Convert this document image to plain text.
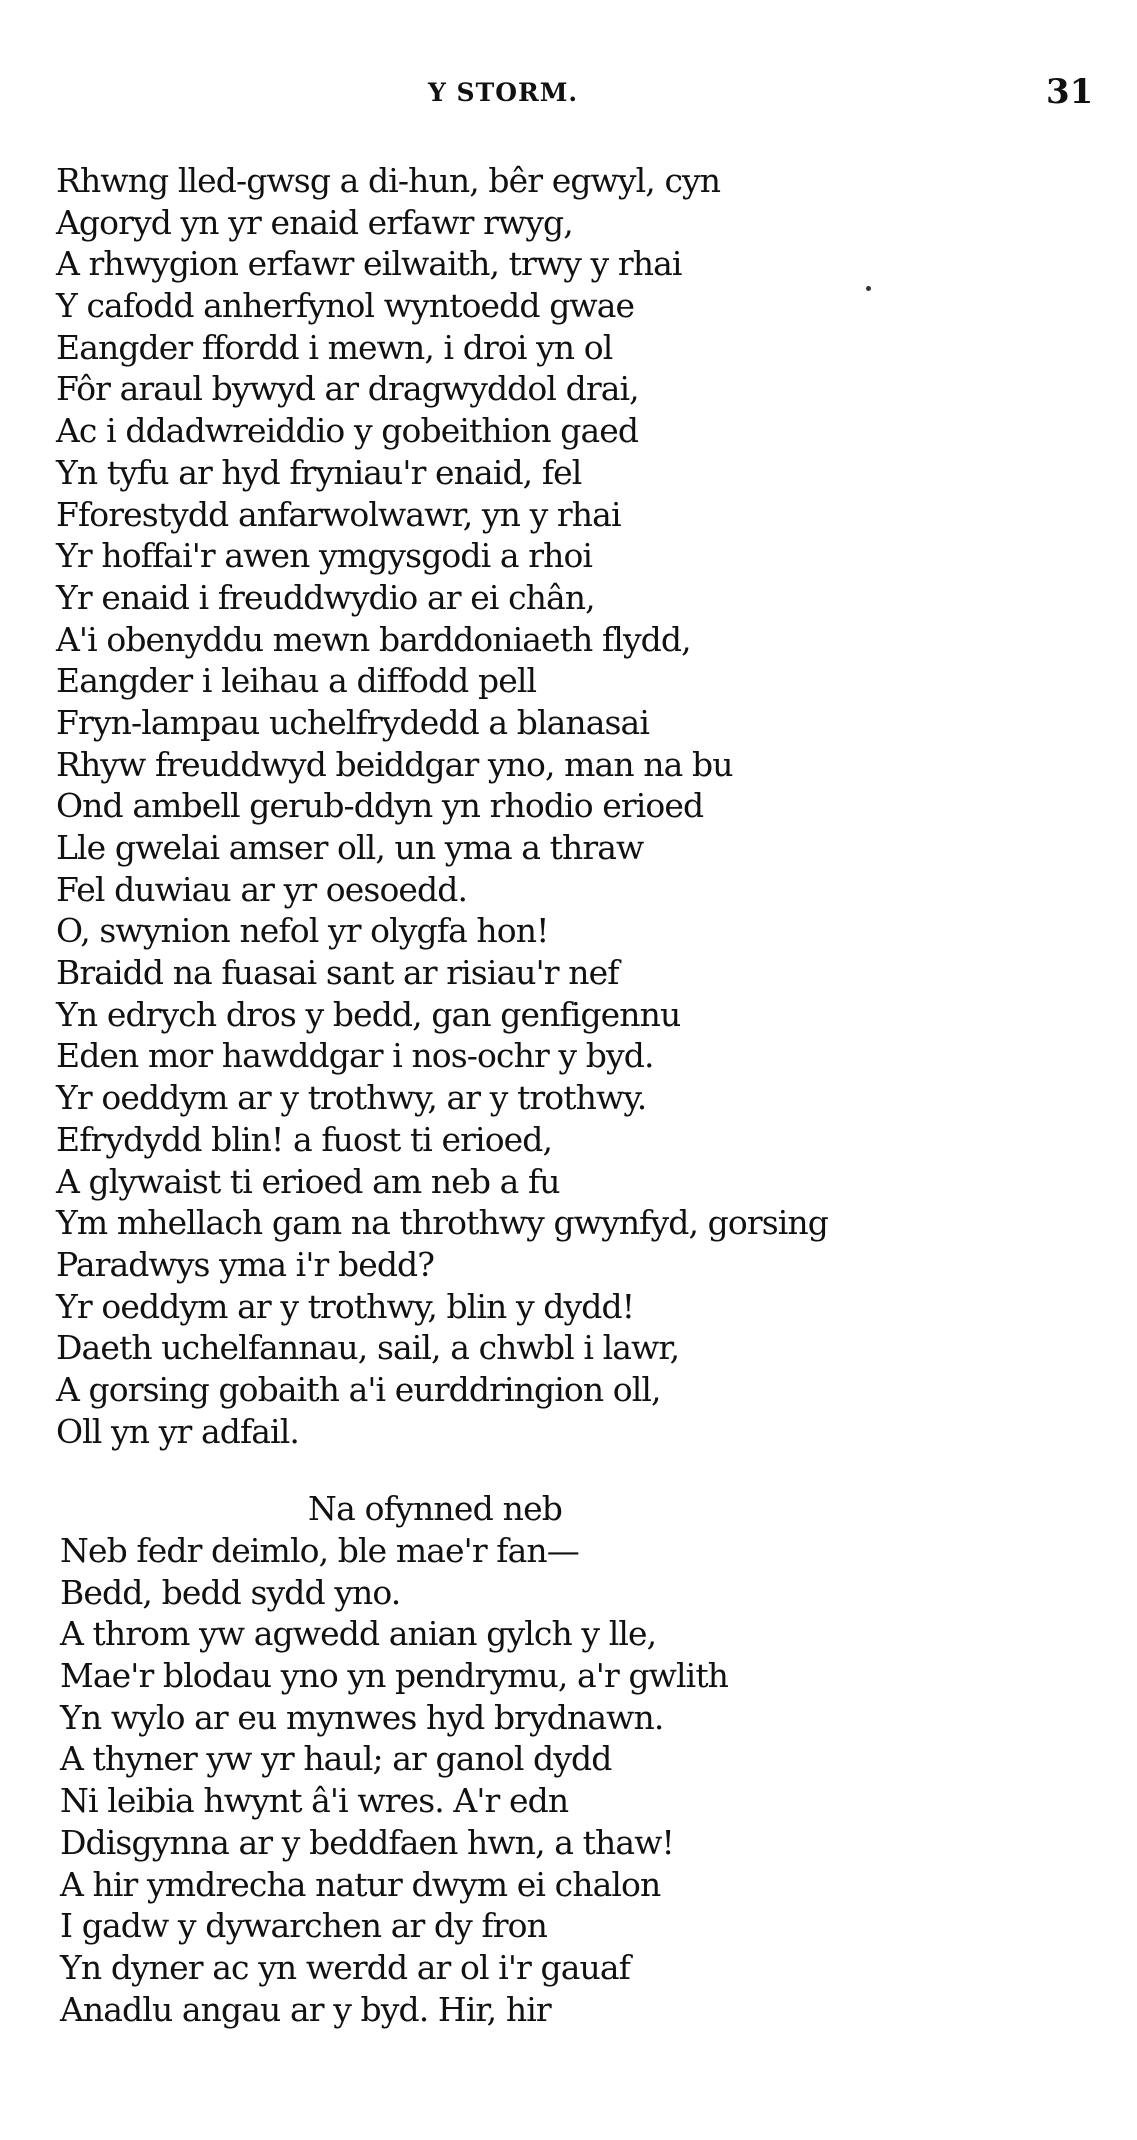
Y STORM.	31
Rhwng lled-gwsg a di-hun, bêr egwyl, cyn
Agoryd yn yr enaid erfawr rwyg,
A rhwygion erfawr eilwaith, trwy y rhai
Y cafodd anherfynol wyntoedd gwae
Eangder ffordd i mewn, i droi yn ol
Fôr araul bywyd ar dragwyddol drai,
Ac i ddadwreiddio y gobeithion gaed
Yn tyfu ar hyd fryniau'r enaid, fel
Fforestydd anfarwolwawr, yn y rhai
Yr hoffai'r awen ymgysgodi a rhoi
Yr enaid i freuddwydio ar ei chân,
A'i obenyddu mewn barddoniaeth flydd,
Eangder i leihau a diffodd pell
Fryn-lampau uchelfrydedd a blanasai
Rhyw freuddwyd beiddgar yno, man na bu
Ond ambell gerub-ddyn yn rhodio erioed
Lle gwelai amser oll, un yma a thraw
Fel duwiau ar yr oesoedd.
O, swynion nefol yr olygfa hon!
Braidd na fuasai sant ar risiau'r nef
Yn edrych dros y bedd, gan genfigennu
Eden mor hawddgar i nos-ochr y byd.
Yr oeddym ar y trothwy, ar y trothwy.
Efrydydd blin! a fuost ti erioed,
A glywaist ti erioed am neb a fu
Ym mhellach gam na throthwy gwynfyd, gorsing
Paradwys yma i'r bedd?
Yr oeddym ar y trothwy, blin y dydd!
Daeth uchelfannau, sail, a chwbl i lawr,
A gorsing gobaith a'i eurddringion oll,
Oll yn yr adfail.
Na ofynned neb
Neb fedr deimlo, ble mae'r fan—
Bedd, bedd sydd yno.
A throm yw agwedd anian gylch y lle,
Mae'r blodau yno yn pendrymu, a'r gwlith
Yn wylo ar eu mynwes hyd brydnawn.
A thyner yw yr haul; ar ganol dydd
Ni leibia hwynt â'i wres. A'r edn
Ddisgynna ar y beddfaen hwn, a thaw!
A hir ymdrecha natur dwym ei chalon
I gadw y dywarchen ar dy fron
Yn dyner ac yn werdd ar ol i'r gauaf
Anadlu angau ar y byd. Hir, hir
